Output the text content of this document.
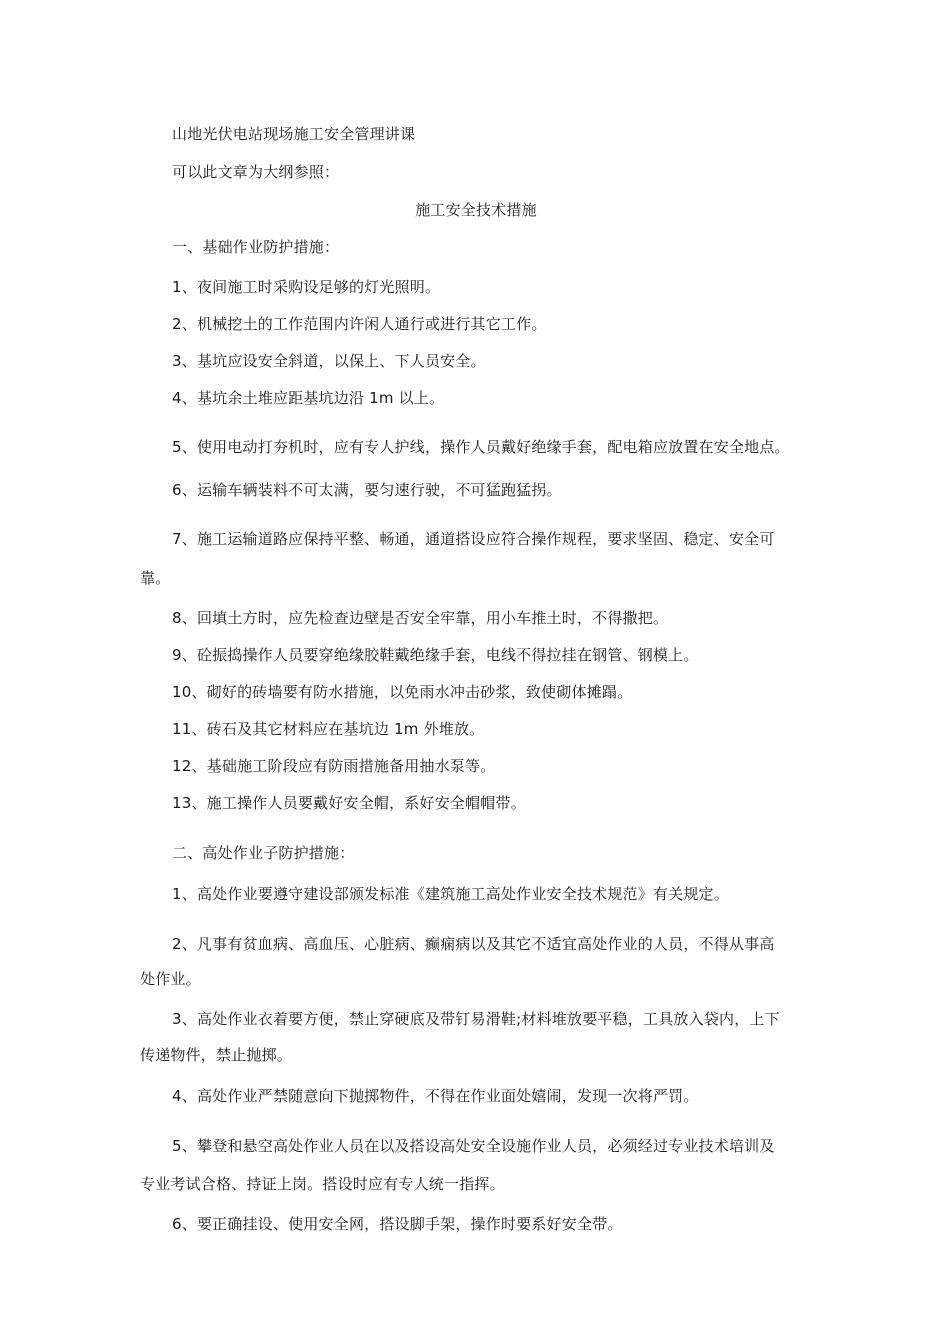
山地光伏电站现场施工安全管理讲课

可以此文章为大纲参照：

施工安全技术措施

一、基础作业防护措施：

1、夜间施工时采购设足够的灯光照明。

2、机械挖土的工作范围内许闲人通行或进行其它工作。

3、基坑应设安全斜道，以保上、下人员安全。

4、基坑余土堆应距基坑边沿 1m 以上。

5、使用电动打夯机时，应有专人护线，操作人员戴好绝缘手套，配电箱应放置在安全地点。

6、运输车辆装料不可太满，要匀速行驶，不可猛跑猛拐。

7、施工运输道路应保持平整、畅通，通道搭设应符合操作规程，要求坚固、稳定、安全可

靠。

8、回填土方时，应先检查边壁是否安全牢靠，用小车推土时，不得撒把。

9、砼振捣操作人员要穿绝缘胶鞋戴绝缘手套，电线不得拉挂在钢管、钢模上。

10、砌好的砖墙要有防水措施，以免雨水冲击砂浆，致使砌体摊蹋。

11、砖石及其它材料应在基坑边 1m 外堆放。

12、基础施工阶段应有防雨措施备用抽水泵等。

13、施工操作人员要戴好安全帽，系好安全帽帽带。

二、高处作业子防护措施：

1、高处作业要遵守建设部颁发标准《建筑施工高处作业安全技术规范》有关规定。

2、凡事有贫血病、高血压、心脏病、癫痫病以及其它不适宜高处作业的人员，不得从事高

处作业。

3、高处作业衣着要方便，禁止穿硬底及带钉易滑鞋;材料堆放要平稳，工具放入袋内，上下

传递物件，禁止抛掷。

4、高处作业严禁随意向下抛掷物件，不得在作业面处嬉闹，发现一次将严罚。

5、攀登和悬空高处作业人员在以及搭设高处安全设施作业人员，必须经过专业技术培训及

专业考试合格、持证上岗。搭设时应有专人统一指挥。

6、要正确挂设、使用安全网，搭设脚手架，操作时要系好安全带。
